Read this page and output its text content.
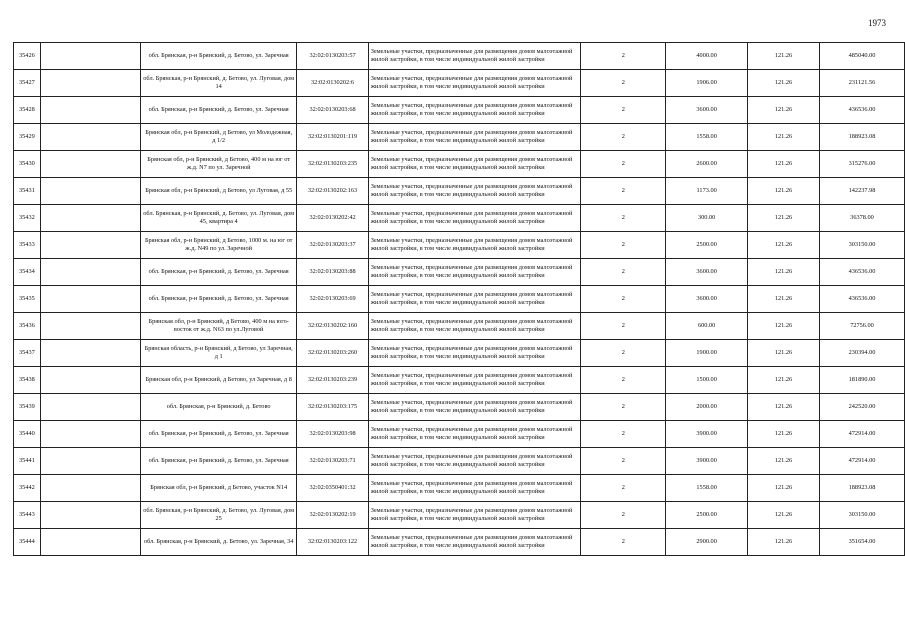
1973
35426		обл. Брянская, р-н Брянский, д. Бетово, ул. Заречная	32:02:0130203:57	Земельные участки, предназначенные для размещения домов малоэтажной жилой застройки, в том числе индивидуальной жилой застройки	2	4000.00	121.26	485040.00
35427		обл. Брянская, р-н Брянский, д. Бетово, ул. Луговая, дом 14	32:02:0130202:6	Земельные участки, предназначенные для размещения домов малоэтажной жилой застройки, в том числе индивидуальной жилой застройки	2	1906.00	121.26	231121.56
35428		обл. Брянская, р-н Брянский, д. Бетово, ул. Заречная	32:02:0130203:68	Земельные участки, предназначенные для размещения домов малоэтажной жилой застройки, в том числе индивидуальной жилой застройки	2	3600.00	121.26	436536.00
35429		Брянская обл, р-н Брянский, д Бетово, ул Молодежная, д 1/2	32:02:0130201:119	Земельные участки, предназначенные для размещения домов малоэтажной жилой застройки, в том числе индивидуальной жилой застройки	2	1558.00	121.26	188923.08
35430		Брянская обл, р-н Брянский, д Бетово, 400 м на юг от ж.д. N7 по ул. Заречной	32:02:0130203:235	Земельные участки, предназначенные для размещения домов малоэтажной жилой застройки, в том числе индивидуальной жилой застройки	2	2600.00	121.26	315276.00
35431		Брянская обл, р-н Брянский, д Бетово, ул Луговая, д 55	32:02:0130202:163	Земельные участки, предназначенные для размещения домов малоэтажной жилой застройки, в том числе индивидуальной жилой застройки	2	1173.00	121.26	142237.98
35432		обл. Брянская, р-н Брянский, д. Бетово, ул. Луговая, дом 45, квартира 4	32:02:0130202:42	Земельные участки, предназначенные для размещения домов малоэтажной жилой застройки, в том числе индивидуальной жилой застройки	2	300.00	121.26	36378.00
35433		Брянская обл, р-н Брянский, д Бетово, 1000 м. на юг от ж.д. N49 по ул. Заречной	32:02:0130203:37	Земельные участки, предназначенные для размещения домов малоэтажной жилой застройки, в том числе индивидуальной жилой застройки	2	2500.00	121.26	303150.00
35434		обл. Брянская, р-н Брянский, д. Бетово, ул. Заречная	32:02:0130203:88	Земельные участки, предназначенные для размещения домов малоэтажной жилой застройки, в том числе индивидуальной жилой застройки	2	3600.00	121.26	436536.00
35435		обл. Брянская, р-н Брянский, д. Бетово, ул. Заречная	32:02:0130203:69	Земельные участки, предназначенные для размещения домов малоэтажной жилой застройки, в том числе индивидуальной жилой застройки	2	3600.00	121.26	436536.00
35436		Брянская обл, р-н Брянский, д Бетово, 400 м на юго-восток от ж.д. N63 по ул.Луговой	32:02:0130202:160	Земельные участки, предназначенные для размещения домов малоэтажной жилой застройки, в том числе индивидуальной жилой застройки	2	600.00	121.26	72756.00
35437		Брянская область, р-н Брянский, д Бетово, ул Заречная, д 1	32:02:0130203:260	Земельные участки, предназначенные для размещения домов малоэтажной жилой застройки, в том числе индивидуальной жилой застройки	2	1900.00	121.26	230394.00
35438		Брянская обл, р-н Брянский, д Бетово, ул Заречная, д 8	32:02:0130203:239	Земельные участки, предназначенные для размещения домов малоэтажной жилой застройки, в том числе индивидуальной жилой застройки	2	1500.00	121.26	181890.00
35439		обл. Брянская, р-н Брянский, д. Бетово	32:02:0130203:175	Земельные участки, предназначенные для размещения домов малоэтажной жилой застройки, в том числе индивидуальной жилой застройки	2	2000.00	121.26	242520.00
35440		обл. Брянская, р-н Брянский, д. Бетово, ул. Заречная	32:02:0130203:98	Земельные участки, предназначенные для размещения домов малоэтажной жилой застройки, в том числе индивидуальной жилой застройки	2	3900.00	121.26	472914.00
35441		обл. Брянская, р-н Брянский, д. Бетово, ул. Заречная	32:02:0130203:71	Земельные участки, предназначенные для размещения домов малоэтажной жилой застройки, в том числе индивидуальной жилой застройки	2	3900.00	121.26	472914.00
35442		Брянская обл, р-н Брянский, д Бетово, участок N14	32:02:0350401:32	Земельные участки, предназначенные для размещения домов малоэтажной жилой застройки, в том числе индивидуальной жилой застройки	2	1558.00	121.26	188923.08
35443		обл. Брянская, р-н Брянский, д. Бетово, ул. Луговая, дом 25	32:02:0130202:19	Земельные участки, предназначенные для размещения домов малоэтажной жилой застройки, в том числе индивидуальной жилой застройки	2	2500.00	121.26	303150.00
35444		обл. Брянская, р-н Брянский, д. Бетово, ул. Заречная, 34	32:02:0130203:122	Земельные участки, предназначенные для размещения домов малоэтажной жилой застройки, в том числе индивидуальной жилой застройки	2	2900.00	121.26	351654.00
